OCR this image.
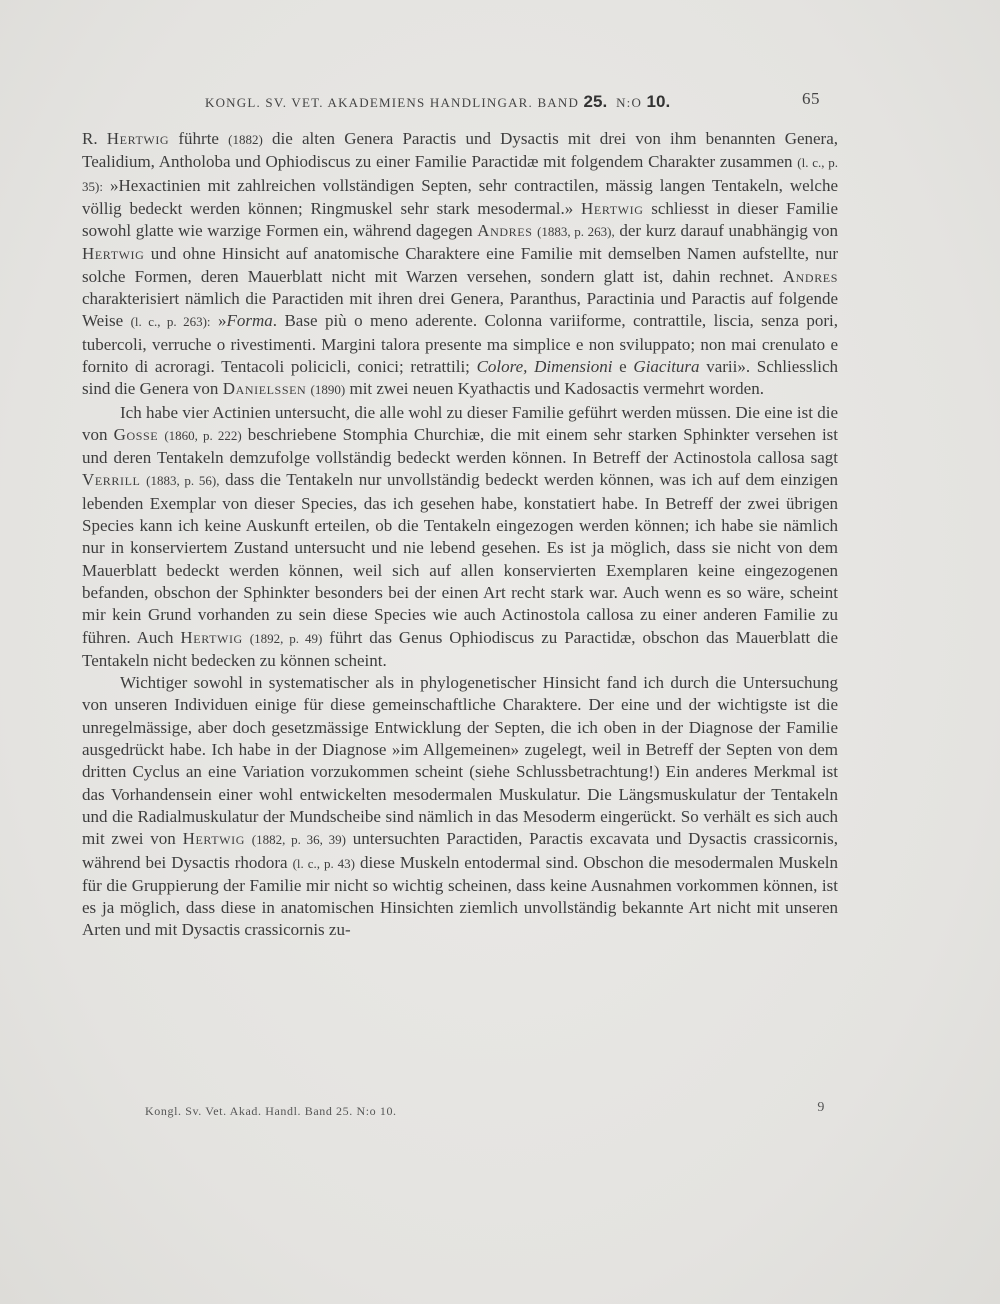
KONGL. SV. VET. AKADEMIENS HANDLINGAR. BAND 25. N:O 10.	65

R. Hertwig führte (1882) die alten Genera Paractis und Dysactis mit drei von ihm benannten Genera, Tealidium, Antholoba und Ophiodiscus zu einer Familie Paractidæ mit folgendem Charakter zusammen (l. c., p. 35): »Hexactinien mit zahlreichen vollständigen Septen, sehr contractilen, mässig langen Tentakeln, welche völlig bedeckt werden können; Ringmuskel sehr stark mesodermal.» Hertwig schliesst in dieser Familie sowohl glatte wie warzige Formen ein, während dagegen Andres (1883, p. 263), der kurz darauf unabhängig von Hertwig und ohne Hinsicht auf anatomische Charaktere eine Familie mit demselben Namen aufstellte, nur solche Formen, deren Mauerblatt nicht mit Warzen versehen, sondern glatt ist, dahin rechnet. Andres charakterisiert nämlich die Paractiden mit ihren drei Genera, Paranthus, Paractinia und Paractis auf folgende Weise (l. c., p. 263): »Forma. Base più o meno aderente. Colonna variiforme, contrattile, liscia, senza pori, tubercoli, verruche o rivestimenti. Margini talora presente ma simplice e non sviluppato; non mai crenulato e fornito di acroragi. Tentacoli policicli, conici; retrattili; Colore, Dimensioni e Giacitura varii». Schliesslich sind die Genera von Danielssen (1890) mit zwei neuen Kyathactis und Kadosactis vermehrt worden.

Ich habe vier Actinien untersucht, die alle wohl zu dieser Familie geführt werden müssen. Die eine ist die von Gosse (1860, p. 222) beschriebene Stomphia Churchiæ, die mit einem sehr starken Sphinkter versehen ist und deren Tentakeln demzufolge vollständig bedeckt werden können. In Betreff der Actinostola callosa sagt Verrill (1883, p. 56), dass die Tentakeln nur unvollständig bedeckt werden können, was ich auf dem einzigen lebenden Exemplar von dieser Species, das ich gesehen habe, konstatiert habe. In Betreff der zwei übrigen Species kann ich keine Auskunft erteilen, ob die Tentakeln eingezogen werden können; ich habe sie nämlich nur in konserviertem Zustand untersucht und nie lebend gesehen. Es ist ja möglich, dass sie nicht von dem Mauerblatt bedeckt werden können, weil sich auf allen konservierten Exemplaren keine eingezogenen befanden, obschon der Sphinkter besonders bei der einen Art recht stark war. Auch wenn es so wäre, scheint mir kein Grund vorhanden zu sein diese Species wie auch Actinostola callosa zu einer anderen Familie zu führen. Auch Hertwig (1892, p. 49) führt das Genus Ophiodiscus zu Paractidæ, obschon das Mauerblatt die Tentakeln nicht bedecken zu können scheint.

Wichtiger sowohl in systematischer als in phylogenetischer Hinsicht fand ich durch die Untersuchung von unseren Individuen einige für diese gemeinschaftliche Charaktere. Der eine und der wichtigste ist die unregelmässige, aber doch gesetzmässige Entwicklung der Septen, die ich oben in der Diagnose der Familie ausgedrückt habe. Ich habe in der Diagnose »im Allgemeinen» zugelegt, weil in Betreff der Septen von dem dritten Cyclus an eine Variation vorzukommen scheint (siehe Schlussbetrachtung!) Ein anderes Merkmal ist das Vorhandensein einer wohl entwickelten mesodermalen Muskulatur. Die Längsmuskulatur der Tentakeln und die Radialmuskulatur der Mundscheibe sind nämlich in das Mesoderm eingerückt. So verhält es sich auch mit zwei von Hertwig (1882, p. 36, 39) untersuchten Paractiden, Paractis excavata und Dysactis crassicornis, während bei Dysactis rhodora (l. c., p. 43) diese Muskeln entodermal sind. Obschon die mesodermalen Muskeln für die Gruppierung der Familie mir nicht so wichtig scheinen, dass keine Ausnahmen vorkommen können, ist es ja möglich, dass diese in anatomischen Hinsichten ziemlich unvollständig bekannte Art nicht mit unseren Arten und mit Dysactis crassicornis zu-

Kongl. Sv. Vet. Akad. Handl. Band 25. N:o 10.	9
